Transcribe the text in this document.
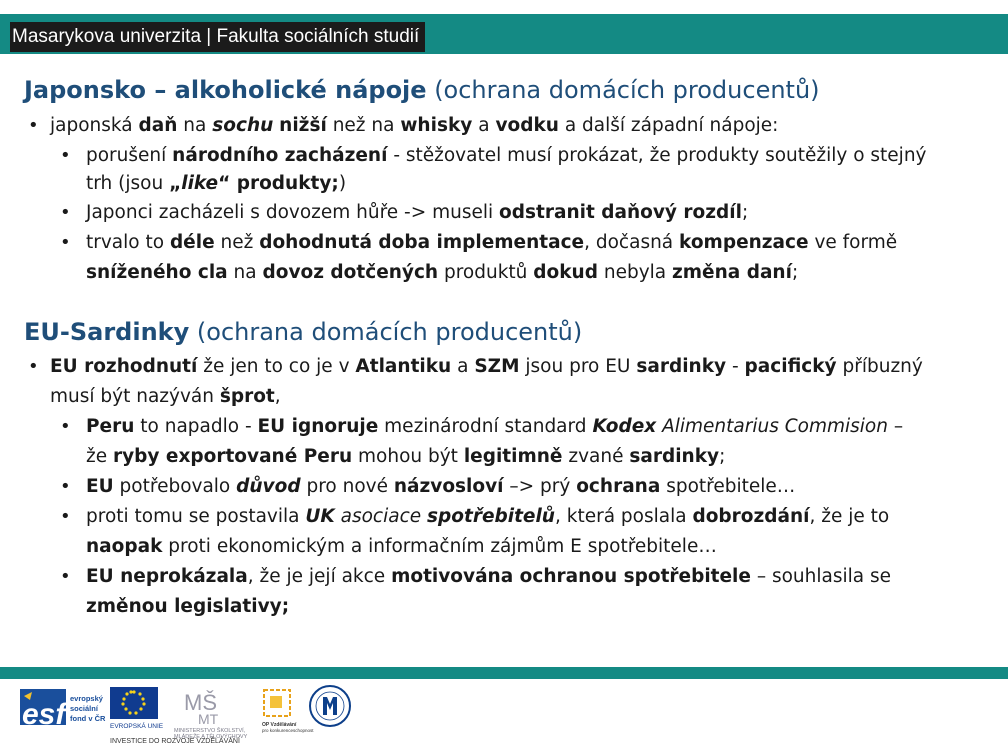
Masarykova univerzita | Fakulta sociálních studií
Japonsko – alkoholické nápoje (ochrana domácích producentů)
• japonská daň na sochu nižší než na whisky a vodku a další západní nápoje:
• porušení národního zacházení - stěžovatel musí prokázat, že produkty soutěžily o stejný
trh (jsou „like“ produkty;)
• Japonci zacházeli s dovozem hůře -> museli odstranit daňový rozdíl;
• trvalo to déle než dohodnutá doba implementace, dočasná kompenzace ve formě
sníženého cla na dovoz dotčených produktů dokud nebyla změna daní;
EU-Sardinky (ochrana domácích producentů)
• EU rozhodnutí že jen to co je v Atlantiku a SZM jsou pro EU sardinky - pacifický příbuzný
musí být nazýván šprot,
• Peru to napadlo - EU ignoruje mezinárodní standard Kodex Alimentarius Commision –
že ryby exportované Peru mohou být legitimně zvané sardinky;
• EU potřebovalo důvod pro nové názvosloví –> prý ochrana spotřebitele…
• proti tomu se postavila UK asociace spotřebitelů, která poslala dobrozdání, že je to
naopak proti ekonomickým a informačním zájmům E spotřebitele…
• EU neprokázala, že je její akce motivována ochranou spotřebitele – souhlasila se
změnou legislativy;
esf evropský
sociální
fond v ČR
EVROPSKÁ UNIE
MŠ
MT
MINISTERSTVO ŠKOLSTVÍ,
MLÁDEŽE A TĚLOVÝCHOVY
OP Vzdělávání
pro konkurenceschopnost
INVESTICE DO ROZVOJE VZDĚLÁVÁNÍ
